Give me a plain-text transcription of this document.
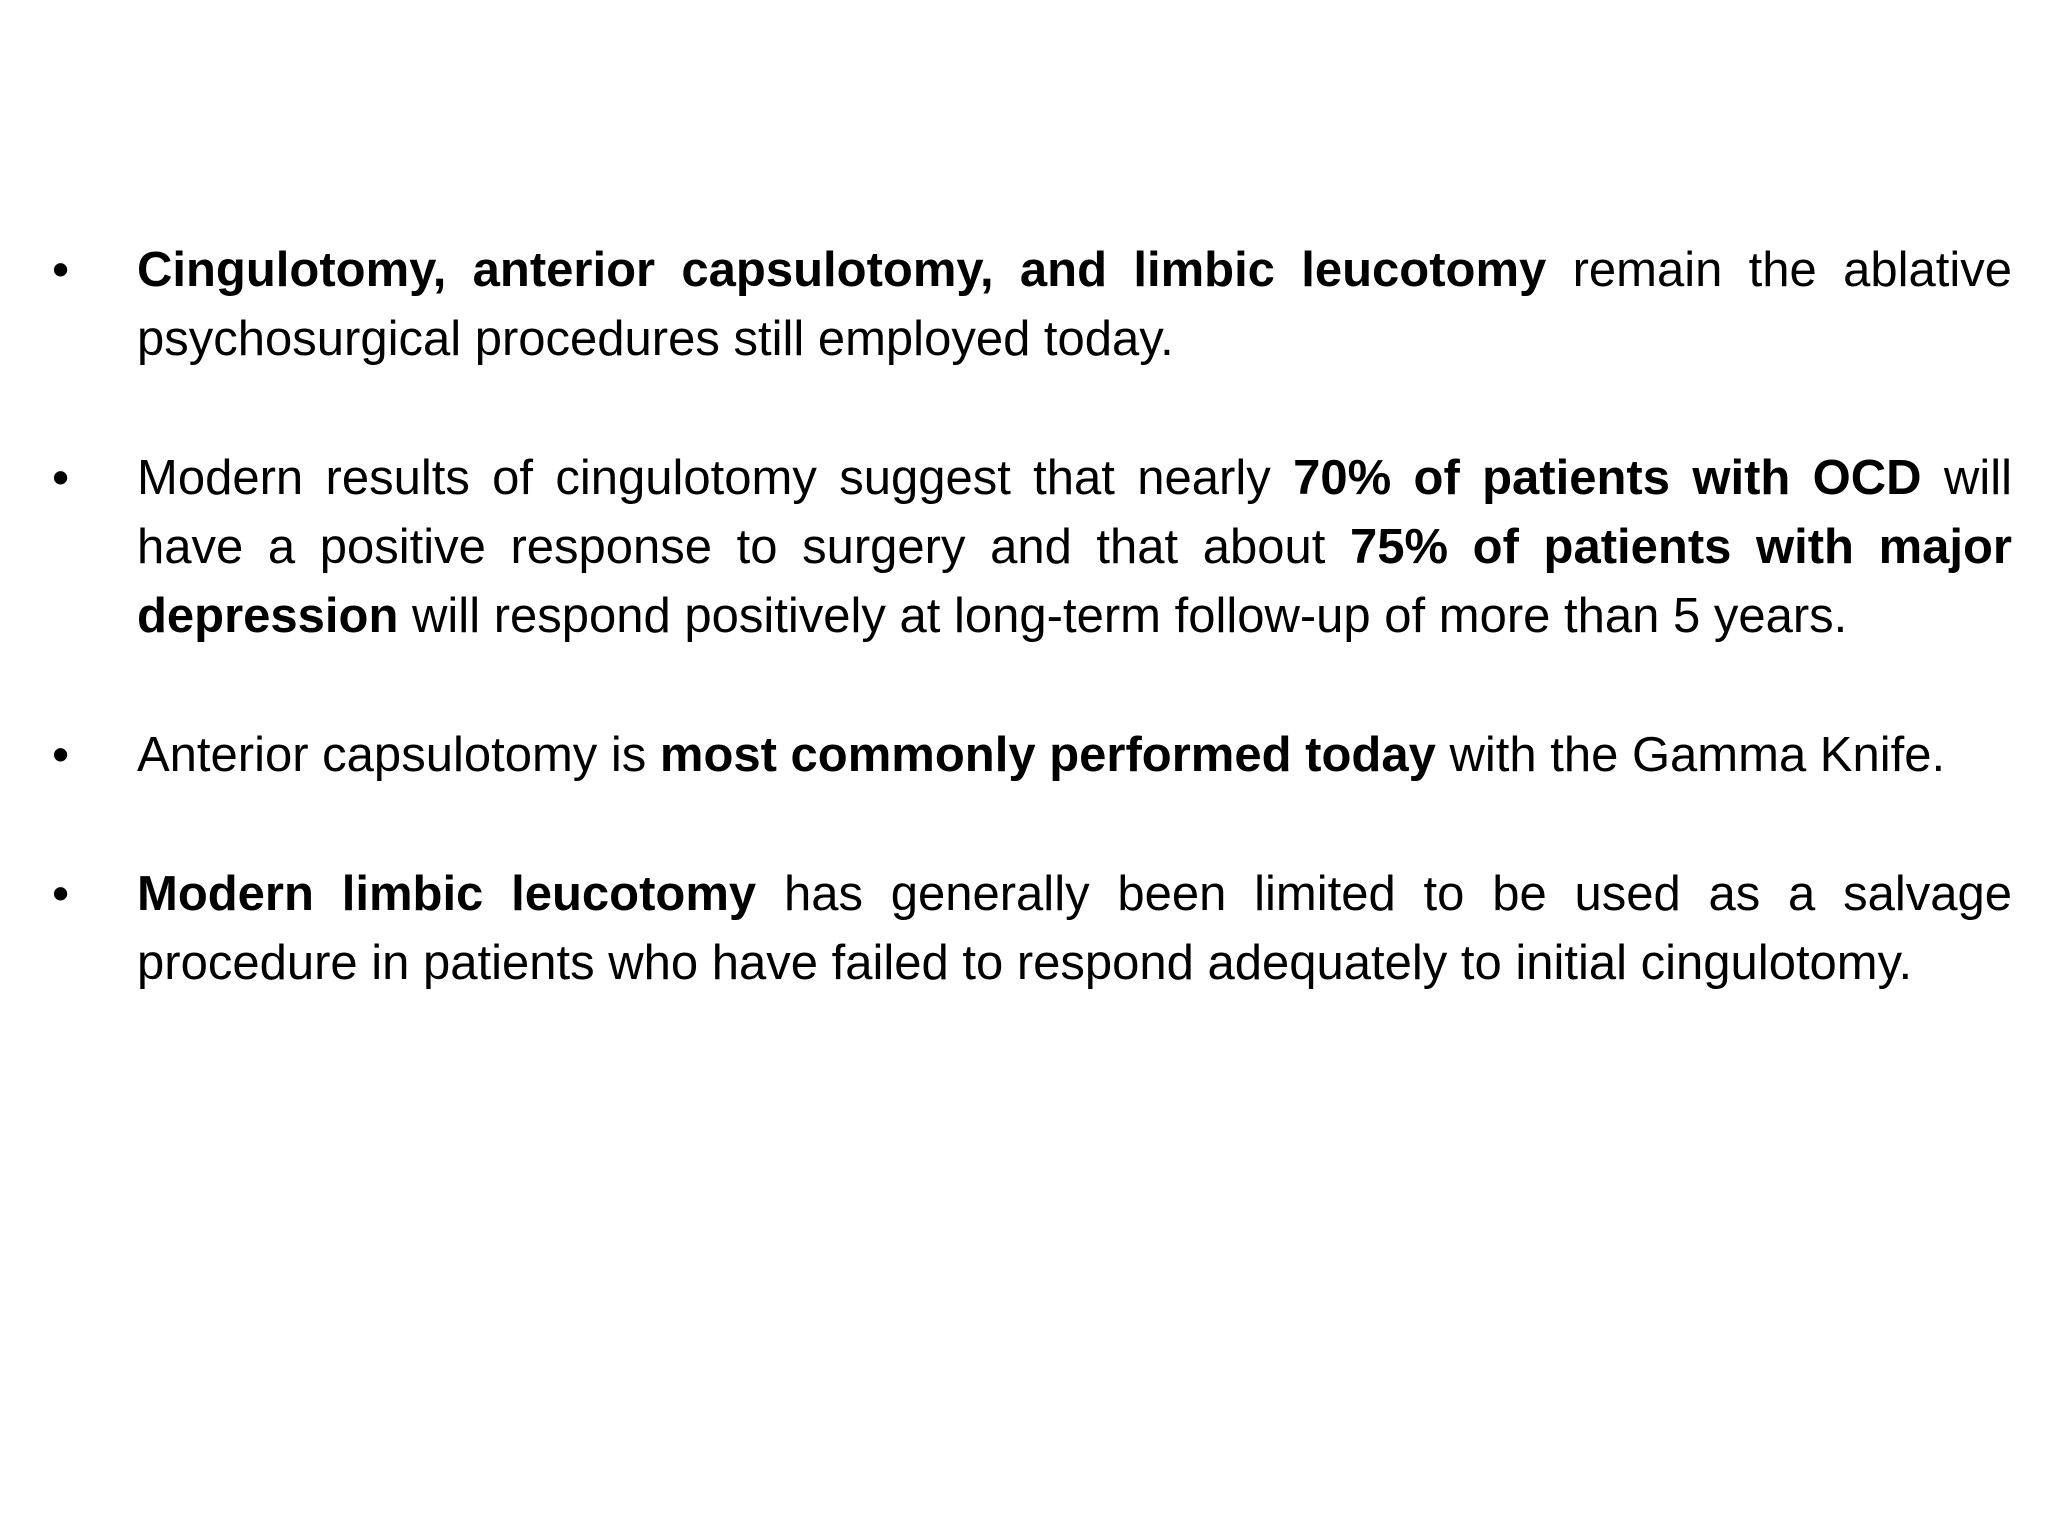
•	Cingulotomy, anterior capsulotomy, and limbic leucotomy remain the ablative psychosurgical procedures still employed today.
•	Modern results of cingulotomy suggest that nearly 70% of patients with OCD will have a positive response to surgery and that about 75% of patients with major depression will respond positively at long-term follow-up of more than 5 years.
•	Anterior capsulotomy is most commonly performed today with the Gamma Knife.
•	Modern limbic leucotomy has generally been limited to be used as a salvage procedure in patients who have failed to respond adequately to initial cingulotomy.
